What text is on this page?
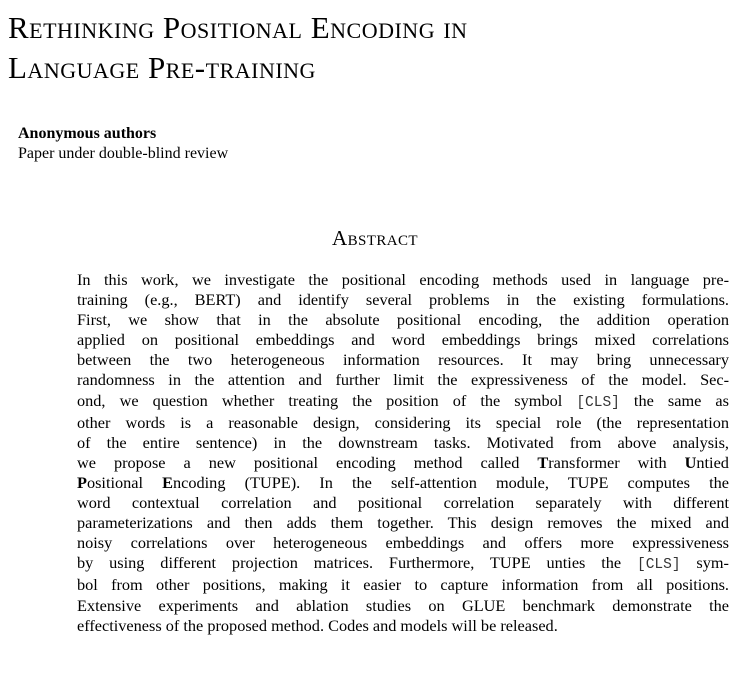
Rethinking Positional Encoding in
Language Pre-training
Anonymous authors
Paper under double-blind review
Abstract
In this work, we investigate the positional encoding methods used in language pre-
training (e.g., BERT) and identify several problems in the existing formulations.
First, we show that in the absolute positional encoding, the addition operation
applied on positional embeddings and word embeddings brings mixed correlations
between the two heterogeneous information resources. It may bring unnecessary
randomness in the attention and further limit the expressiveness of the model. Sec-
ond, we question whether treating the position of the symbol [CLS] the same as
other words is a reasonable design, considering its special role (the representation
of the entire sentence) in the downstream tasks. Motivated from above analysis,
we propose a new positional encoding method called Transformer with Untied
Positional Encoding (TUPE). In the self-attention module, TUPE computes the
word contextual correlation and positional correlation separately with different
parameterizations and then adds them together. This design removes the mixed and
noisy correlations over heterogeneous embeddings and offers more expressiveness
by using different projection matrices. Furthermore, TUPE unties the [CLS] sym-
bol from other positions, making it easier to capture information from all positions.
Extensive experiments and ablation studies on GLUE benchmark demonstrate the
effectiveness of the proposed method. Codes and models will be released.
